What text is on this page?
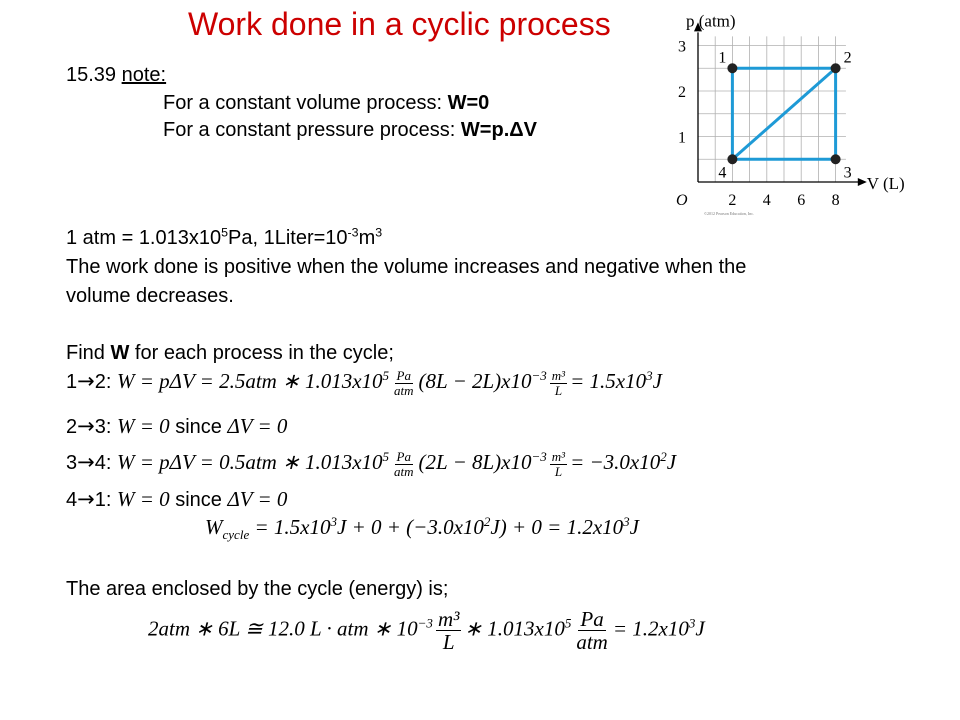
Work done in a cyclic process
15.39 note:
For a constant volume process: W=0
For a constant pressure process: W=p.ΔV
1 atm = $1.013x10^5Pa$, $1Liter=10^{-3}m^3$
The work done is positive when the volume increases and negative when the
volume decreases.
Find W for each process in the cycle;
1→2: W = pΔV = 2.5atm ∗ $1.013x10^5 \frac{Pa}{\text{atm}} (8L - 2L)x10^{-3} \frac{\text{m³}}{L} = 1.5x10^3J$
2→3: W = 0 since ΔV = 0
3→4: W = pΔV = 0.5atm ∗ $1.013x10^5 \frac{Pa}{\text{atm}} (2L - 8L)x10^{-3} \frac{\text{m³}}{L} = -3.0x10^2J$
4→1: W = 0 since ΔV = 0
$W_{cycle} = 1.5x10^3J + 0 + (-3.0x10^2J) + 0 = 1.2x10^3J$
The area enclosed by the cycle (energy) is;
2atm ∗ 6L ≅ 12.0 L · atm ∗ $10^{-3} \frac{\text{m³}}{L}$ ∗ $1.013x10^5 \frac{Pa}{\text{atm}} = 1.2x10^3J$
O	2 4 6 8
1
2
3
V (L)
p (atm)
1	2
3
4
©2012 Pearson Education, Inc.
